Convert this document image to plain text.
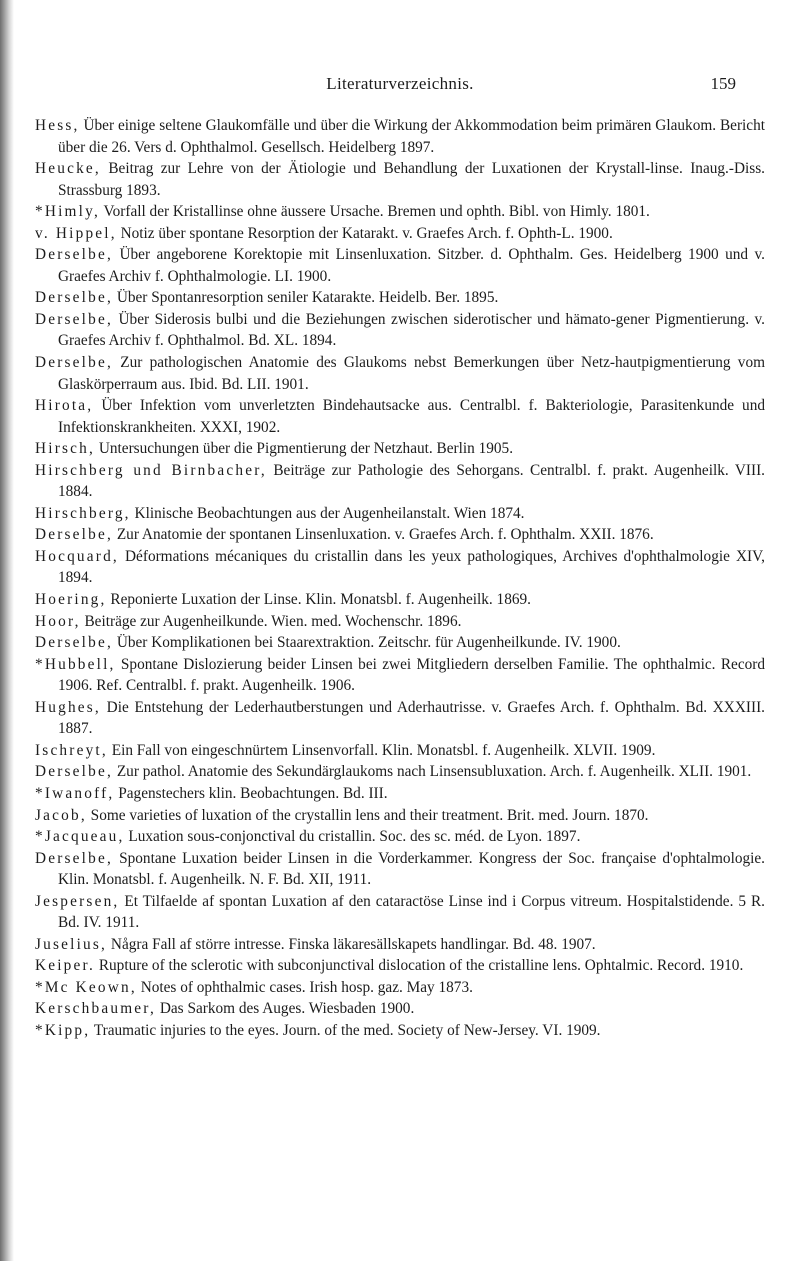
Literaturverzeichnis.	159
Hess, Über einige seltene Glaukomfälle und über die Wirkung der Akkommodation beim primären Glaukom. Bericht über die 26. Vers d. Ophthalmol. Gesellsch. Heidelberg 1897.
Heucke, Beitrag zur Lehre von der Ätiologie und Behandlung der Luxationen der Krystall-linse. Inaug.-Diss. Strassburg 1893.
*Himly, Vorfall der Kristallinse ohne äussere Ursache. Bremen und ophth. Bibl. von Himly. 1801.
v. Hippel, Notiz über spontane Resorption der Katarakt. v. Graefes Arch. f. Ophth-L. 1900.
Derselbe, Über angeborene Korektopie mit Linsenluxation. Sitzber. d. Ophthalm. Ges. Heidelberg 1900 und v. Graefes Archiv f. Ophthalmologie. LI. 1900.
Derselbe, Über Spontanresorption seniler Katarakte. Heidelb. Ber. 1895.
Derselbe, Über Siderosis bulbi und die Beziehungen zwischen siderotischer und hämato-gener Pigmentierung. v. Graefes Archiv f. Ophthalmol. Bd. XL. 1894.
Derselbe, Zur pathologischen Anatomie des Glaukoms nebst Bemerkungen über Netz-hautpigmentierung vom Glaskörperraum aus. Ibid. Bd. LII. 1901.
Hirota, Über Infektion vom unverletzten Bindehautsacke aus. Centralbl. f. Bakteriologie, Parasitenkunde und Infektionskrankheiten. XXXI, 1902.
Hirsch, Untersuchungen über die Pigmentierung der Netzhaut. Berlin 1905.
Hirschberg und Birnbacher, Beiträge zur Pathologie des Sehorgans. Centralbl. f. prakt. Augenheilk. VIII. 1884.
Hirschberg, Klinische Beobachtungen aus der Augenheilanstalt. Wien 1874.
Derselbe, Zur Anatomie der spontanen Linsenluxation. v. Graefes Arch. f. Ophthalm. XXII. 1876.
Hocquard, Déformations mécaniques du cristallin dans les yeux pathologiques, Archives d'ophthalmologie XIV, 1894.
Hoering, Reponierte Luxation der Linse. Klin. Monatsbl. f. Augenheilk. 1869.
Hoor, Beiträge zur Augenheilkunde. Wien. med. Wochenschr. 1896.
Derselbe, Über Komplikationen bei Staarextraktion. Zeitschr. für Augenheilkunde. IV. 1900.
*Hubbell, Spontane Dislozierung beider Linsen bei zwei Mitgliedern derselben Familie. The ophthalmic. Record 1906. Ref. Centralbl. f. prakt. Augenheilk. 1906.
Hughes, Die Entstehung der Lederhautberstungen und Aderhautrisse. v. Graefes Arch. f. Ophthalm. Bd. XXXIII. 1887.
Ischreyt, Ein Fall von eingeschnürtem Linsenvorfall. Klin. Monatsbl. f. Augenheilk. XLVII. 1909.
Derselbe, Zur pathol. Anatomie des Sekundärglaukoms nach Linsensubluxation. Arch. f. Augenheilk. XLII. 1901.
*Iwanoff, Pagenstechers klin. Beobachtungen. Bd. III.
Jacob, Some varieties of luxation of the crystallin lens and their treatment. Brit. med. Journ. 1870.
*Jacqueau, Luxation sous-conjonctival du cristallin. Soc. des sc. méd. de Lyon. 1897.
Derselbe, Spontane Luxation beider Linsen in die Vorderkammer. Kongress der Soc. française d'ophtalmologie. Klin. Monatsbl. f. Augenheilk. N. F. Bd. XII, 1911.
Jespersen, Et Tilfaelde af spontan Luxation af den cataractöse Linse ind i Corpus vitreum. Hospitalstidende. 5 R. Bd. IV. 1911.
Juselius, Några Fall af större intresse. Finska läkaresällskapets handlingar. Bd. 48. 1907.
Keiper. Rupture of the sclerotic with subconjunctival dislocation of the cristalline lens. Ophtalmic. Record. 1910.
*Mc Keown, Notes of ophthalmic cases. Irish hosp. gaz. May 1873.
Kerschbaumer, Das Sarkom des Auges. Wiesbaden 1900.
*Kipp, Traumatic injuries to the eyes. Journ. of the med. Society of New-Jersey. VI. 1909.
